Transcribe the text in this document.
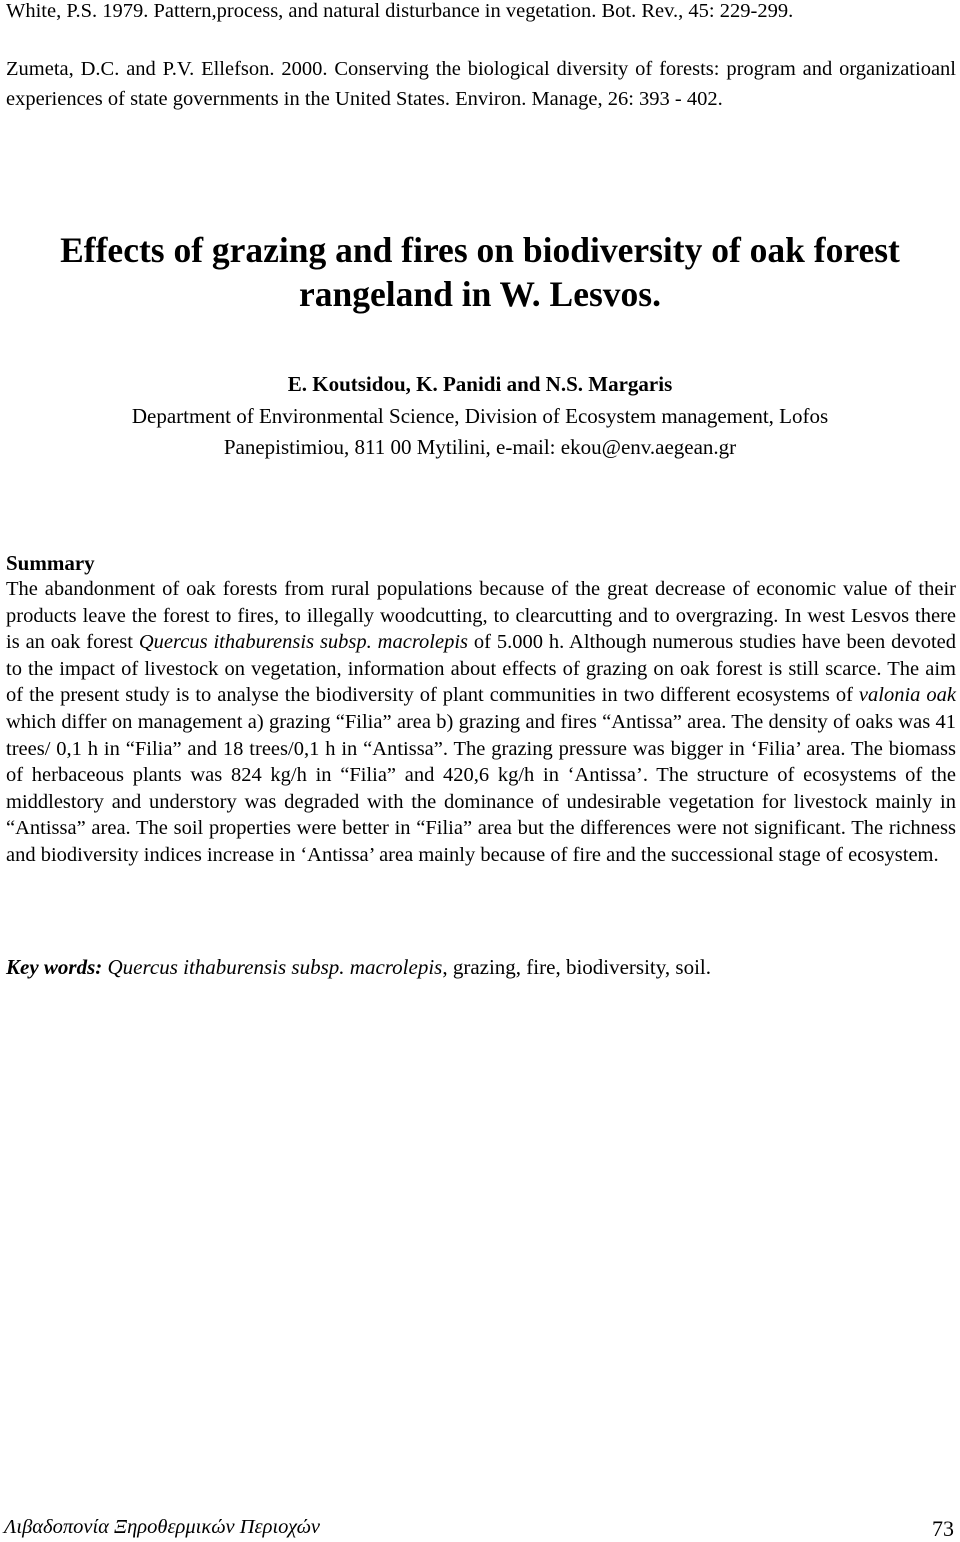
White, P.S. 1979. Pattern,process, and natural disturbance in vegetation. Bot. Rev., 45: 229-299.

Zumeta, D.C. and P.V. Ellefson. 2000. Conserving the biological diversity of forests: program and organizatioanl experiences of state governments in the United States. Environ. Manage, 26: 393 - 402.

Effects of grazing and fires on biodiversity of oak forest
rangeland in W. Lesvos.

E. Koutsidou, K. Panidi and N.S. Margaris

Department of Environmental Science, Division of Ecosystem management, Lofos
Panepistimiou, 811 00 Mytilini, e-mail: ekou@env.aegean.gr

Summary

The abandonment of oak forests from rural populations because of the great decrease of economic value of their products leave the forest to fires, to illegally woodcutting, to clearcutting and to overgrazing. In west Lesvos there is an oak forest Quercus ithaburensis subsp. macrolepis of 5.000 h. Although numerous studies have been devoted to the impact of livestock on vegetation, information about effects of grazing on oak forest is still scarce. The aim of the present study is to analyse the biodiversity of plant communities in two different ecosystems of valonia oak which differ on management a) grazing “Filia” area b) grazing and fires “Antissa” area. The density of oaks was 41 trees/ 0,1 h in “Filia” and 18 trees/0,1 h in “Antissa”. The grazing pressure was bigger in ‘Filia’ area. The biomass of herbaceous plants was 824 kg/h in “Filia” and 420,6 kg/h in ‘Antissa’. The structure of ecosystems of the middlestory and understory was degraded with the dominance of undesirable vegetation for livestock mainly in “Antissa” area. The soil properties were better in “Filia” area but the differences were not significant. The richness and biodiversity indices increase in ‘Antissa’ area mainly because of fire and the successional stage of ecosystem.

Key words: Quercus ithaburensis subsp. macrolepis, grazing, fire, biodiversity, soil.

Λιβαδοπονία Ξηροθερμικών Περιοχών	73
